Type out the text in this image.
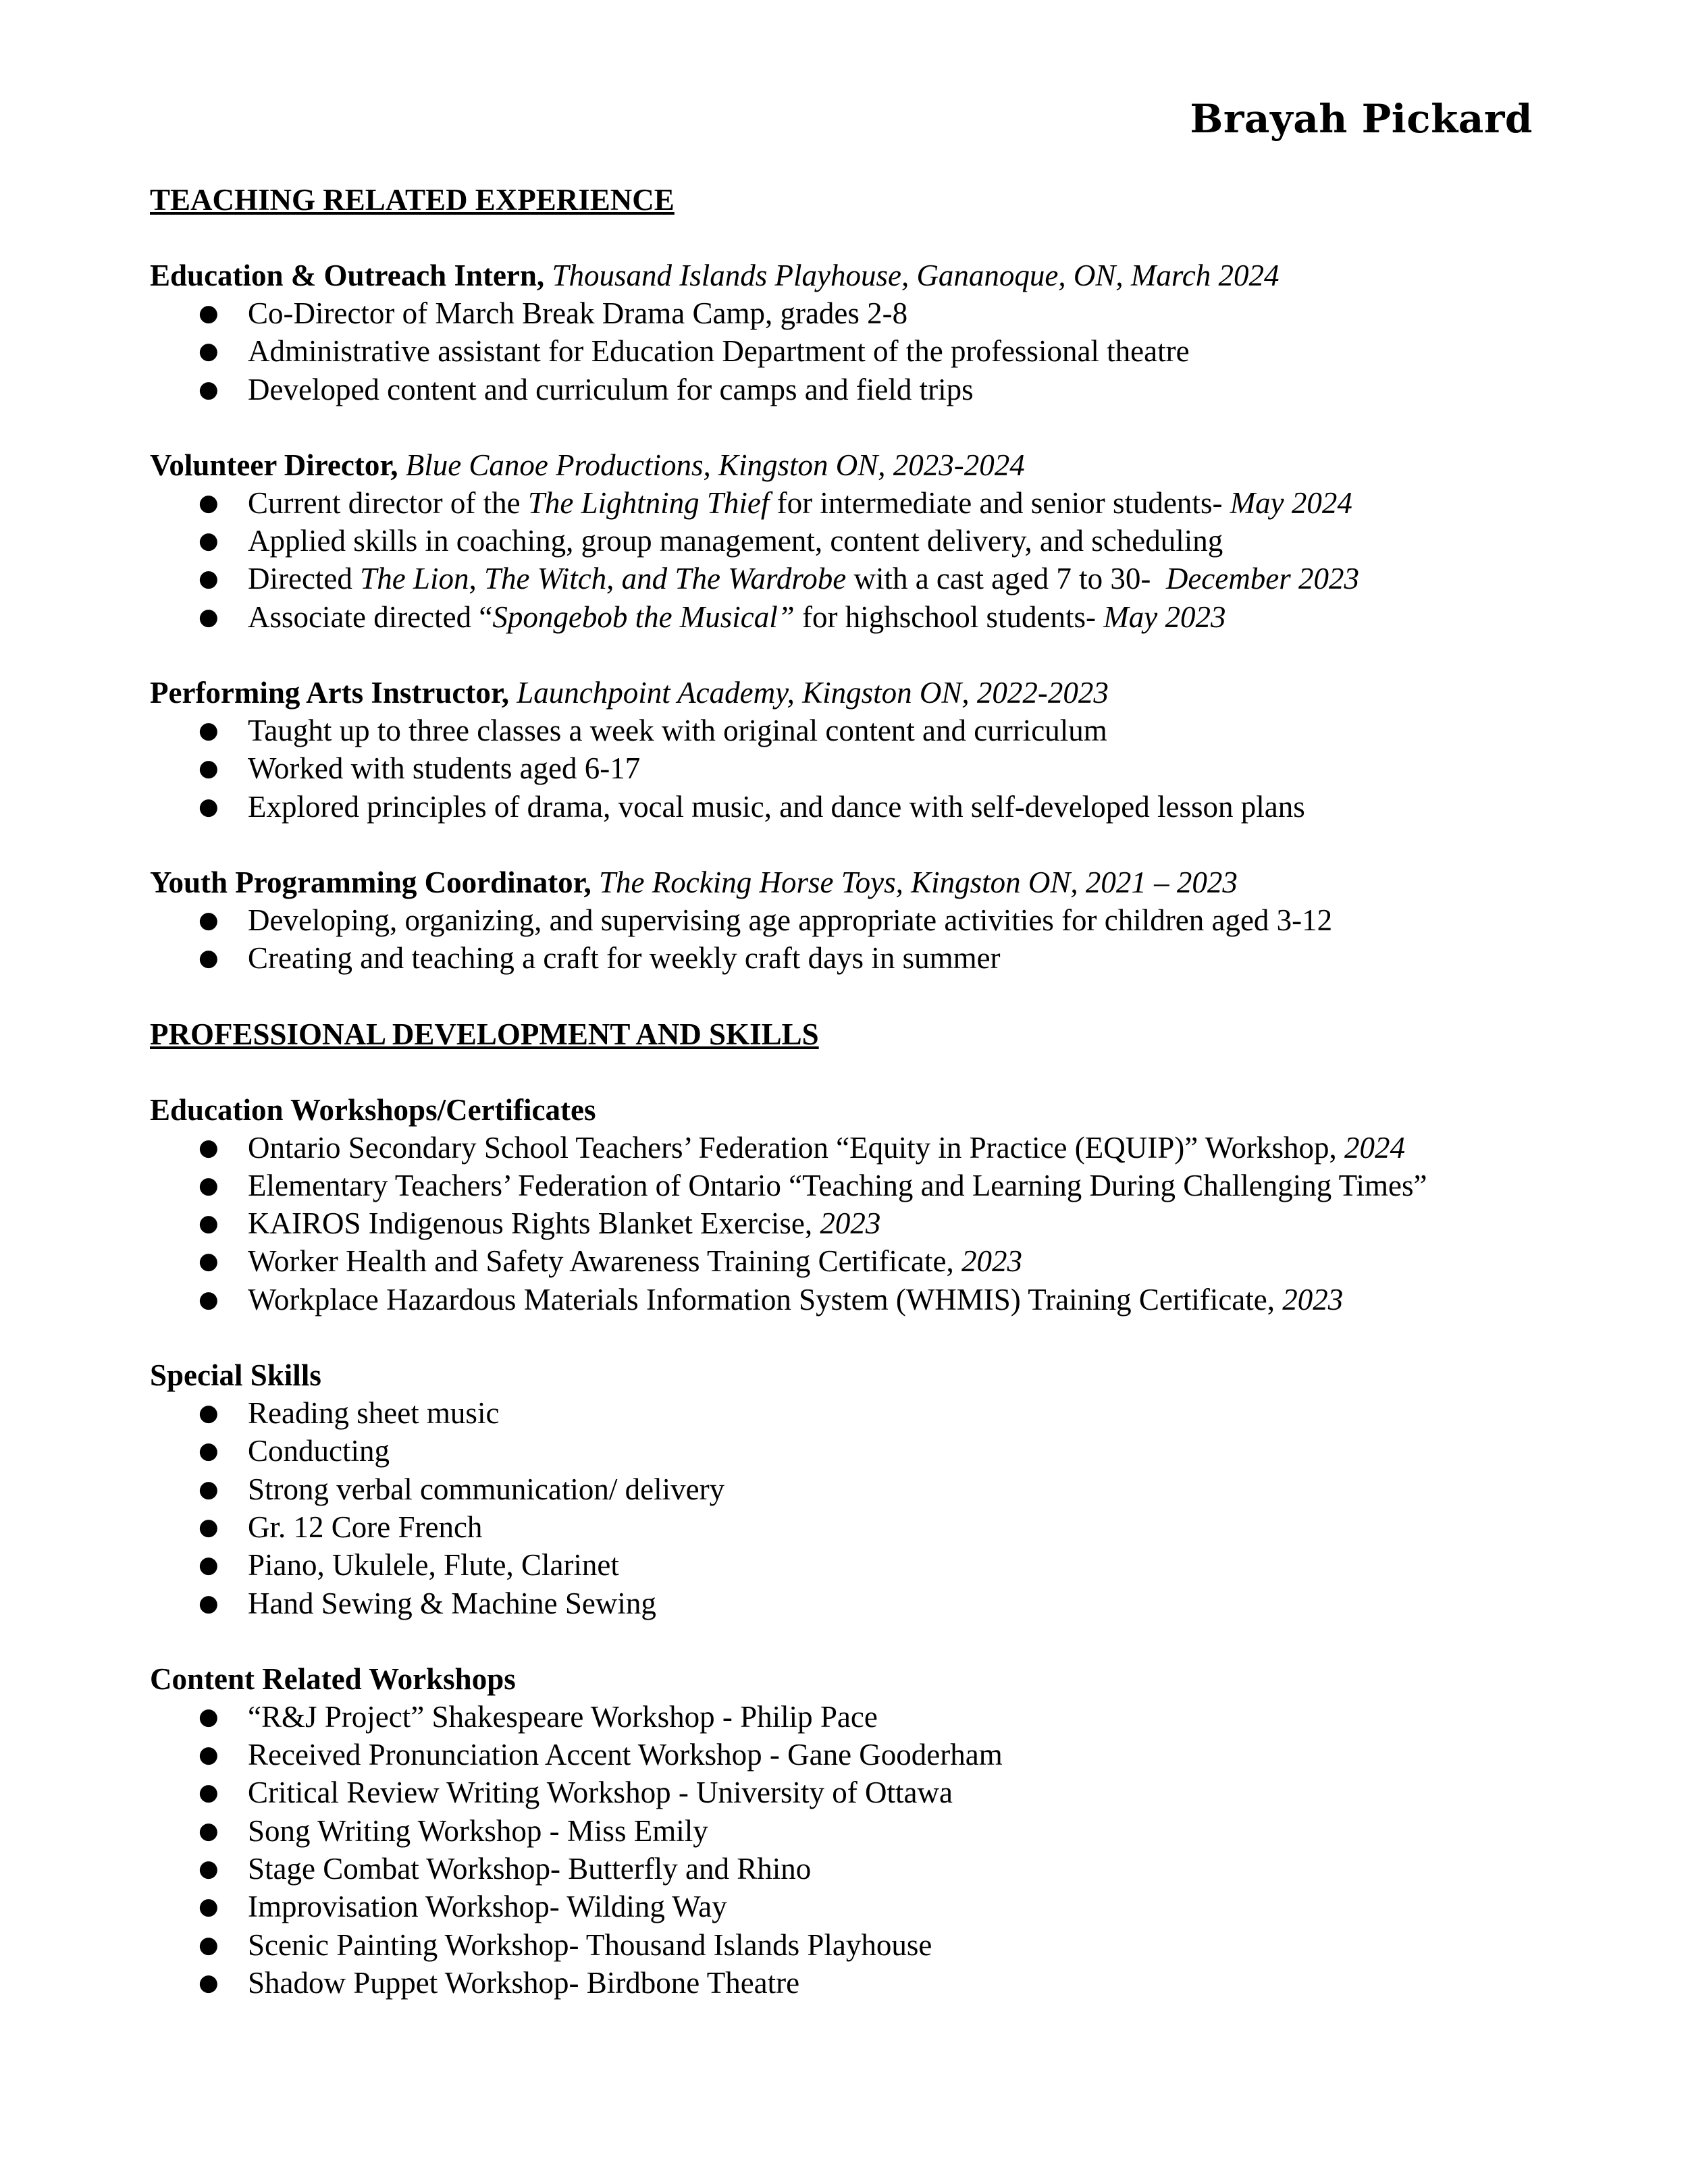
Brayah Pickard

TEACHING RELATED EXPERIENCE

Education & Outreach Intern, Thousand Islands Playhouse, Gananoque, ON, March 2024

● Co-Director of March Break Drama Camp, grades 2-8
● Administrative assistant for Education Department of the professional theatre
● Developed content and curriculum for camps and field trips

Volunteer Director, Blue Canoe Productions, Kingston ON, 2023-2024

● Current director of the The Lightning Thief for intermediate and senior students- May 2024
● Applied skills in coaching, group management, content delivery, and scheduling
● Directed The Lion, The Witch, and The Wardrobe with a cast aged 7 to 30-  December 2023
● Associate directed “Spongebob the Musical” for highschool students- May 2023

Performing Arts Instructor, Launchpoint Academy, Kingston ON, 2022-2023

● Taught up to three classes a week with original content and curriculum
● Worked with students aged 6-17
● Explored principles of drama, vocal music, and dance with self-developed lesson plans

Youth Programming Coordinator, The Rocking Horse Toys, Kingston ON, 2021 – 2023

● Developing, organizing, and supervising age appropriate activities for children aged 3-12
● Creating and teaching a craft for weekly craft days in summer

PROFESSIONAL DEVELOPMENT AND SKILLS

Education Workshops/Certificates

● Ontario Secondary School Teachers’ Federation “Equity in Practice (EQUIP)” Workshop, 2024
● Elementary Teachers’ Federation of Ontario “Teaching and Learning During Challenging Times”
● KAIROS Indigenous Rights Blanket Exercise, 2023
● Worker Health and Safety Awareness Training Certificate, 2023
● Workplace Hazardous Materials Information System (WHMIS) Training Certificate, 2023

Special Skills

● Reading sheet music
● Conducting
● Strong verbal communication/ delivery
● Gr. 12 Core French
● Piano, Ukulele, Flute, Clarinet
● Hand Sewing & Machine Sewing

Content Related Workshops

● “R&J Project” Shakespeare Workshop - Philip Pace
● Received Pronunciation Accent Workshop - Gane Gooderham
● Critical Review Writing Workshop - University of Ottawa
● Song Writing Workshop - Miss Emily
● Stage Combat Workshop- Butterfly and Rhino
● Improvisation Workshop- Wilding Way
● Scenic Painting Workshop- Thousand Islands Playhouse
● Shadow Puppet Workshop- Birdbone Theatre
